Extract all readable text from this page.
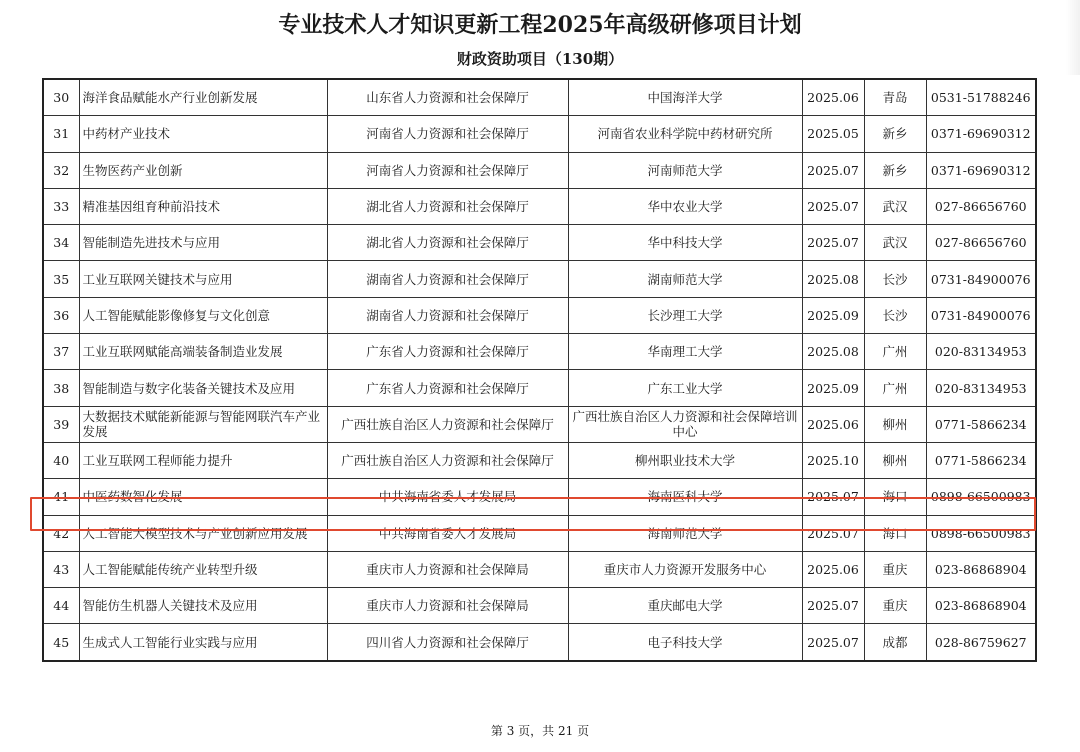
专业技术人才知识更新工程2025年高级研修项目计划
财政资助项目（130期）
30	海洋食品赋能水产行业创新发展	山东省人力资源和社会保障厅	中国海洋大学	2025.06	青岛	0531-51788246
31	中药材产业技术	河南省人力资源和社会保障厅	河南省农业科学院中药材研究所	2025.05	新乡	0371-69690312
32	生物医药产业创新	河南省人力资源和社会保障厅	河南师范大学	2025.07	新乡	0371-69690312
33	精准基因组育种前沿技术	湖北省人力资源和社会保障厅	华中农业大学	2025.07	武汉	027-86656760
34	智能制造先进技术与应用	湖北省人力资源和社会保障厅	华中科技大学	2025.07	武汉	027-86656760
35	工业互联网关键技术与应用	湖南省人力资源和社会保障厅	湖南师范大学	2025.08	长沙	0731-84900076
36	人工智能赋能影像修复与文化创意	湖南省人力资源和社会保障厅	长沙理工大学	2025.09	长沙	0731-84900076
37	工业互联网赋能高端装备制造业发展	广东省人力资源和社会保障厅	华南理工大学	2025.08	广州	020-83134953
38	智能制造与数字化装备关键技术及应用	广东省人力资源和社会保障厅	广东工业大学	2025.09	广州	020-83134953
39	大数据技术赋能新能源与智能网联汽车产业发展	广西壮族自治区人力资源和社会保障厅	广西壮族自治区人力资源和社会保障培训中心	2025.06	柳州	0771-5866234
40	工业互联网工程师能力提升	广西壮族自治区人力资源和社会保障厅	柳州职业技术大学	2025.10	柳州	0771-5866234
41	中医药数智化发展	中共海南省委人才发展局	海南医科大学	2025.07	海口	0898-66500983
42	人工智能大模型技术与产业创新应用发展	中共海南省委人才发展局	海南师范大学	2025.07	海口	0898-66500983
43	人工智能赋能传统产业转型升级	重庆市人力资源和社会保障局	重庆市人力资源开发服务中心	2025.06	重庆	023-86868904
44	智能仿生机器人关键技术及应用	重庆市人力资源和社会保障局	重庆邮电大学	2025.07	重庆	023-86868904
45	生成式人工智能行业实践与应用	四川省人力资源和社会保障厅	电子科技大学	2025.07	成都	028-86759627
第 3 页，共 21 页
